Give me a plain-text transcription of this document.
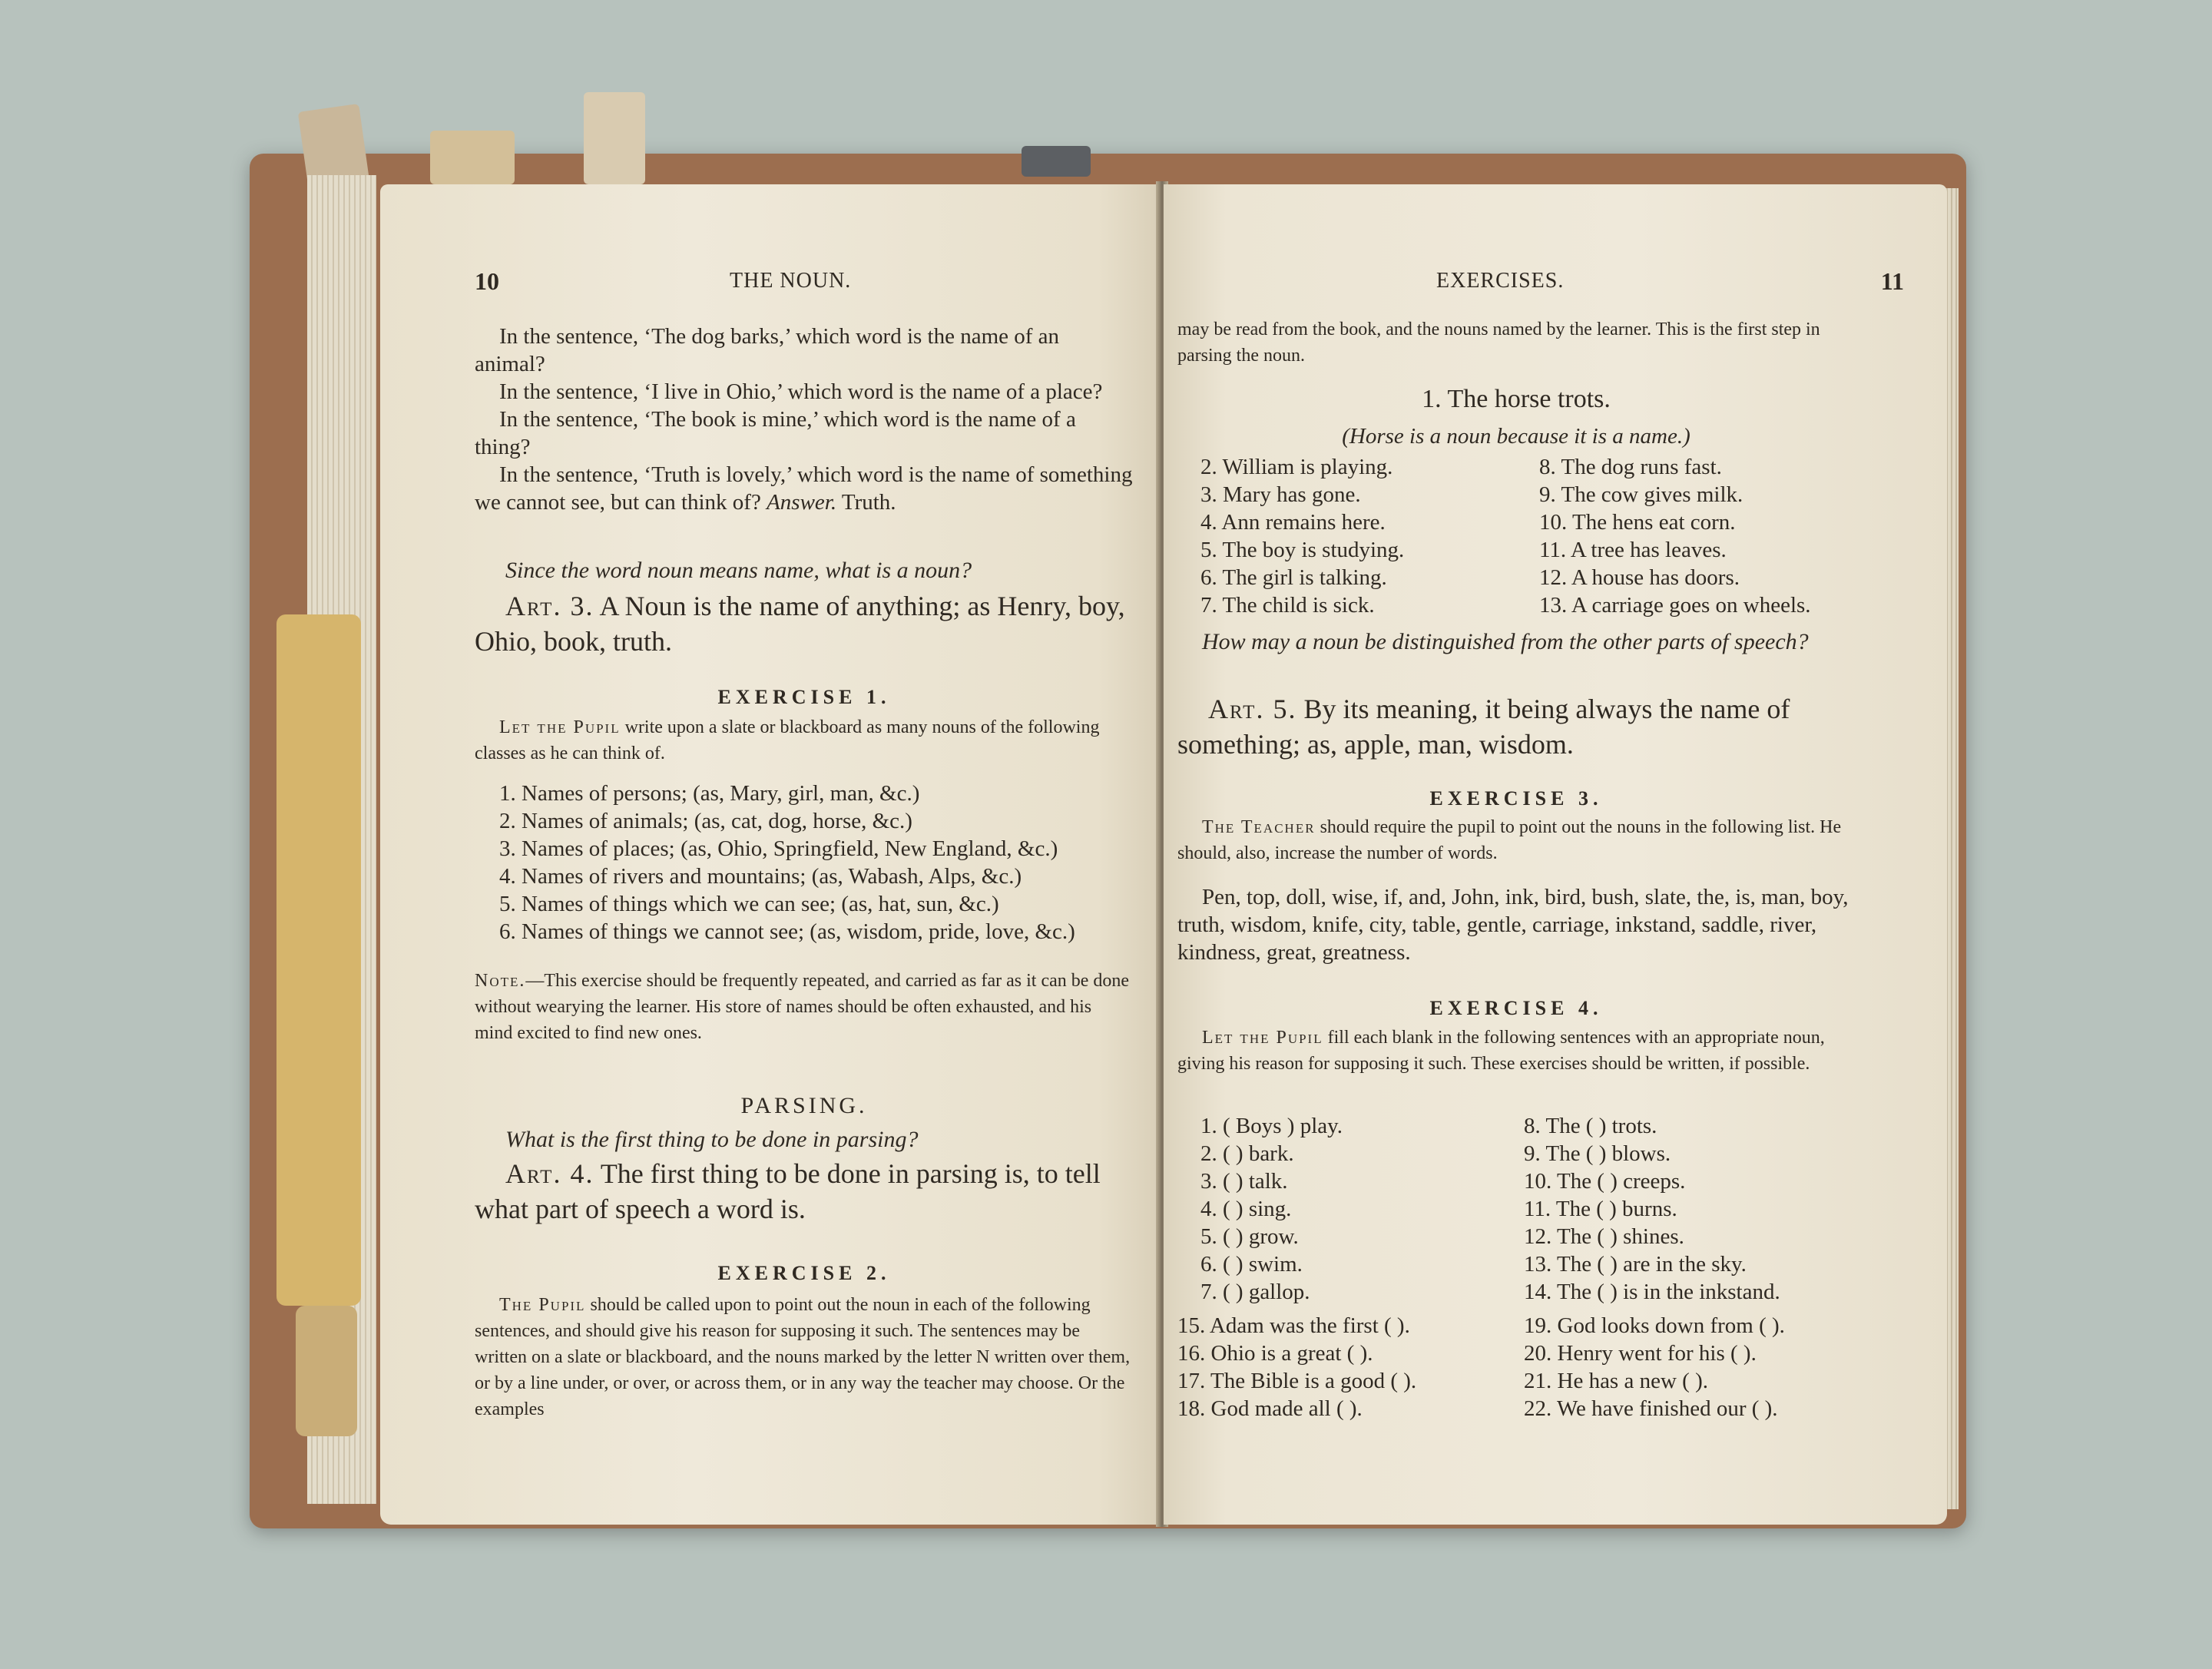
10	THE NOUN.

In the sentence, ‘The dog barks,’ which word is the name of an animal?

In the sentence, ‘I live in Ohio,’ which word is the name of a place?

In the sentence, ‘The book is mine,’ which word is the name of a thing?

In the sentence, ‘Truth is lovely,’ which word is the name of something we cannot see, but can think of? Answer. Truth.

Since the word noun means name, what is a noun?
Art. 3. A Noun is the name of anything; as Henry, boy, Ohio, book, truth.
EXERCISE 1.
Let the Pupil write upon a slate or blackboard as many nouns of the following classes as he can think of.

1. Names of persons; (as, Mary, girl, man, &c.)

2. Names of animals; (as, cat, dog, horse, &c.)

3. Names of places; (as, Ohio, Springfield, New England, &c.)

4. Names of rivers and mountains; (as, Wabash, Alps, &c.)

5. Names of things which we can see; (as, hat, sun, &c.)

6. Names of things we cannot see; (as, wisdom, pride, love, &c.)

Note.—This exercise should be frequently repeated, and carried as far as it can be done without wearying the learner. His store of names should be often exhausted, and his mind excited to find new ones.
PARSING.
What is the first thing to be done in parsing?
Art. 4. The first thing to be done in parsing is, to tell what part of speech a word is.
EXERCISE 2.
The Pupil should be called upon to point out the noun in each of the following sentences, and should give his reason for supposing it such. The sentences may be written on a slate or blackboard, and the nouns marked by the letter N written over them, or by a line under, or over, or across them, or in any way the teacher may choose. Or the examples
EXERCISES.	11
may be read from the book, and the nouns named by the learner. This is the first step in parsing the noun.
1. The horse trots.
(Horse is a noun because it is a name.)

2. William is playing.

3. Mary has gone.

4. Ann remains here.

5. The boy is studying.

6. The girl is talking.

7. The child is sick.

8. The dog runs fast.

9. The cow gives milk.

10. The hens eat corn.

11. A tree has leaves.

12. A house has doors.

13. A carriage goes on wheels.

How may a noun be distinguished from the other parts of speech?
Art. 5. By its meaning, it being always the name of something; as, apple, man, wisdom.
EXERCISE 3.
The Teacher should require the pupil to point out the nouns in the following list. He should, also, increase the number of words.
Pen, top, doll, wise, if, and, John, ink, bird, bush, slate, the, is, man, boy, truth, wisdom, knife, city, table, gentle, carriage, inkstand, saddle, river, kindness, great, greatness.
EXERCISE 4.
Let the Pupil fill each blank in the following sentences with an appropriate noun, giving his reason for supposing it such. These exercises should be written, if possible.

1. ( Boys ) play.

2. ( ) bark.

3. ( ) talk.

4. ( ) sing.

5. ( ) grow.

6. ( ) swim.

7. ( ) gallop.

8. The ( ) trots.

9. The ( ) blows.

10. The ( ) creeps.

11. The ( ) burns.

12. The ( ) shines.

13. The ( ) are in the sky.

14. The ( ) is in the inkstand.

15. Adam was the first ( ).

16. Ohio is a great ( ).

17. The Bible is a good ( ).

18. God made all ( ).

19. God looks down from ( ).

20. Henry went for his ( ).

21. He has a new ( ).

22. We have finished our ( ).
